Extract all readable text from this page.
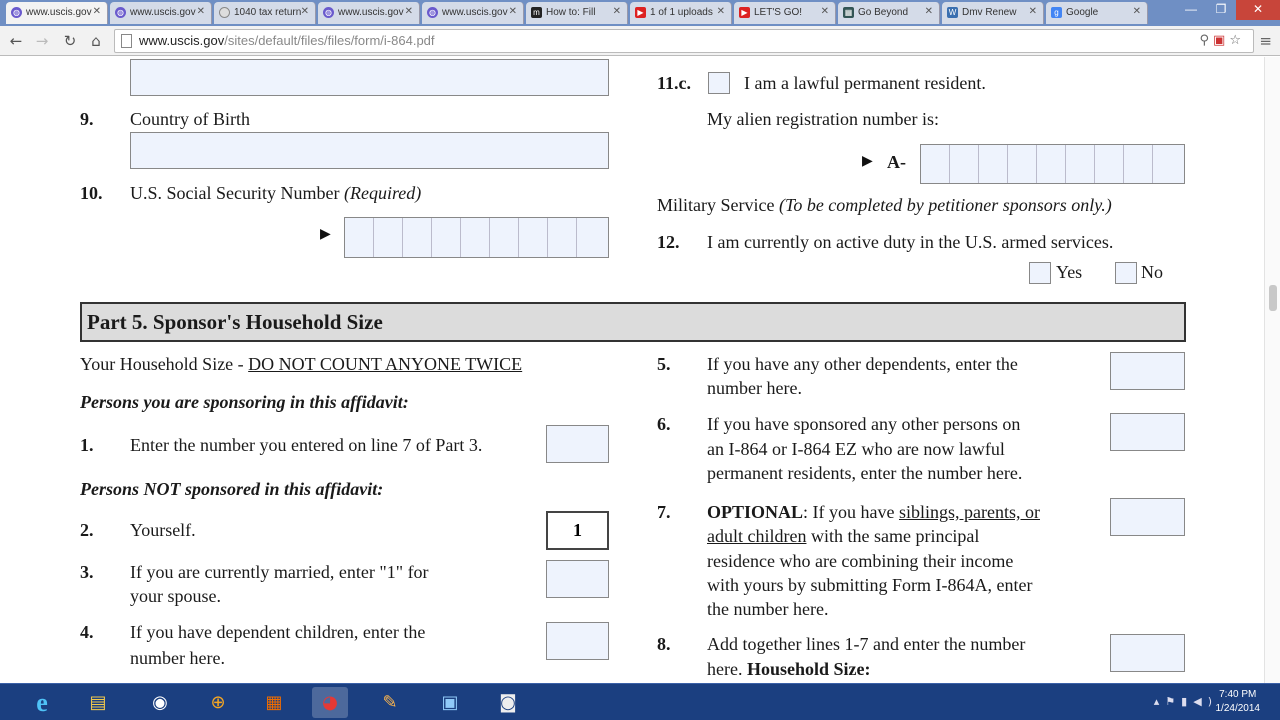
◍ www.uscis.gov ✕ ◍ www.uscis.gov ✕	1040 tax return ✕ ◍ www.uscis.gov ✕ ◍ www.uscis.gov ✕ m How to: Fill ✕	▶ 1 of 1 uploads ✕	▶ LET'S GO! ✕ ▦ Go Beyond ✕ W Dmv Renew ✕	g Google	✕	—	❐	✕
← → ↻ ⌂	www.uscis.gov/sites/default/files/files/form/i-864.pdf	⚲▣☆ ≡
9. Country of Birth
10. U.S. Social Security Number (Required)
▶
11.c.	I am a lawful permanent resident.
My alien registration number is:
▶ A-
Military Service (To be completed by petitioner sponsors only.)
12. I am currently on active duty in the U.S. armed services.
Yes	No
Part 5. Sponsor's Household Size
Your Household Size - DO NOT COUNT ANYONE TWICE
Persons you are sponsoring in this affidavit:
1. Enter the number you entered on line 7 of Part 3.
Persons NOT sponsored in this affidavit:
2. Yourself.	1
3. If you are currently married, enter "1" for
your spouse.
4. If you have dependent children, enter the
number here.
5. If you have any other dependents, enter the
number here.
6. If you have sponsored any other persons on
an I-864 or I-864 EZ who are now lawful
permanent residents, enter the number here.
7. OPTIONAL: If you have siblings, parents, or
adult children with the same principal
residence who are combining their income
with yours by submitting Form I-864A, enter
the number here.
8. Add together lines 1-7 and enter the number
here. Household Size:
e	▤	◉	⊕	▦	◕	✎	▣	◙	▴⚑▮◀)
7:40 PM
1/24/2014
